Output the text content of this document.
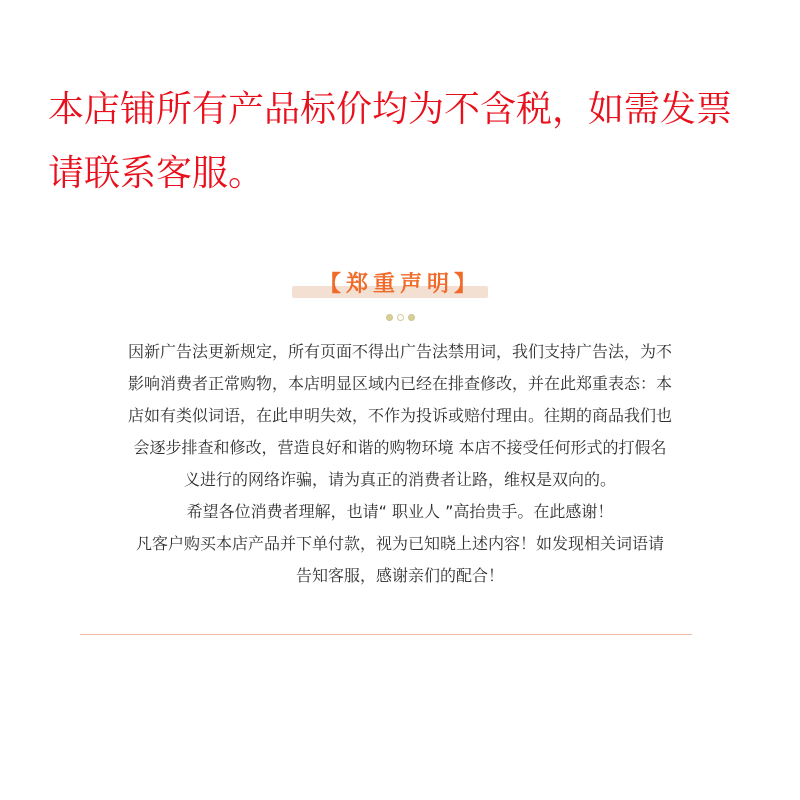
本店铺所有产品标价均为不含税，如需发票
请联系客服。
【郑重声明】

因新广告法更新规定，所有页面不得出广告法禁用词，我们支持广告法，为不
影响消费者正常购物，本店明显区域内已经在排查修改，并在此郑重表态：本
店如有类似词语，在此申明失效，不作为投诉或赔付理由。往期的商品我们也
会逐步排查和修改，营造良好和谐的购物环境 本店不接受任何形式的打假名
义进行的网络诈骗，请为真正的消费者让路，维权是双向的。
希望各位消费者理解，也请“ 职业人 ”高抬贵手。在此感谢！
凡客户购买本店产品并下单付款，视为已知晓上述内容！如发现相关词语请
告知客服，感谢亲们的配合！
